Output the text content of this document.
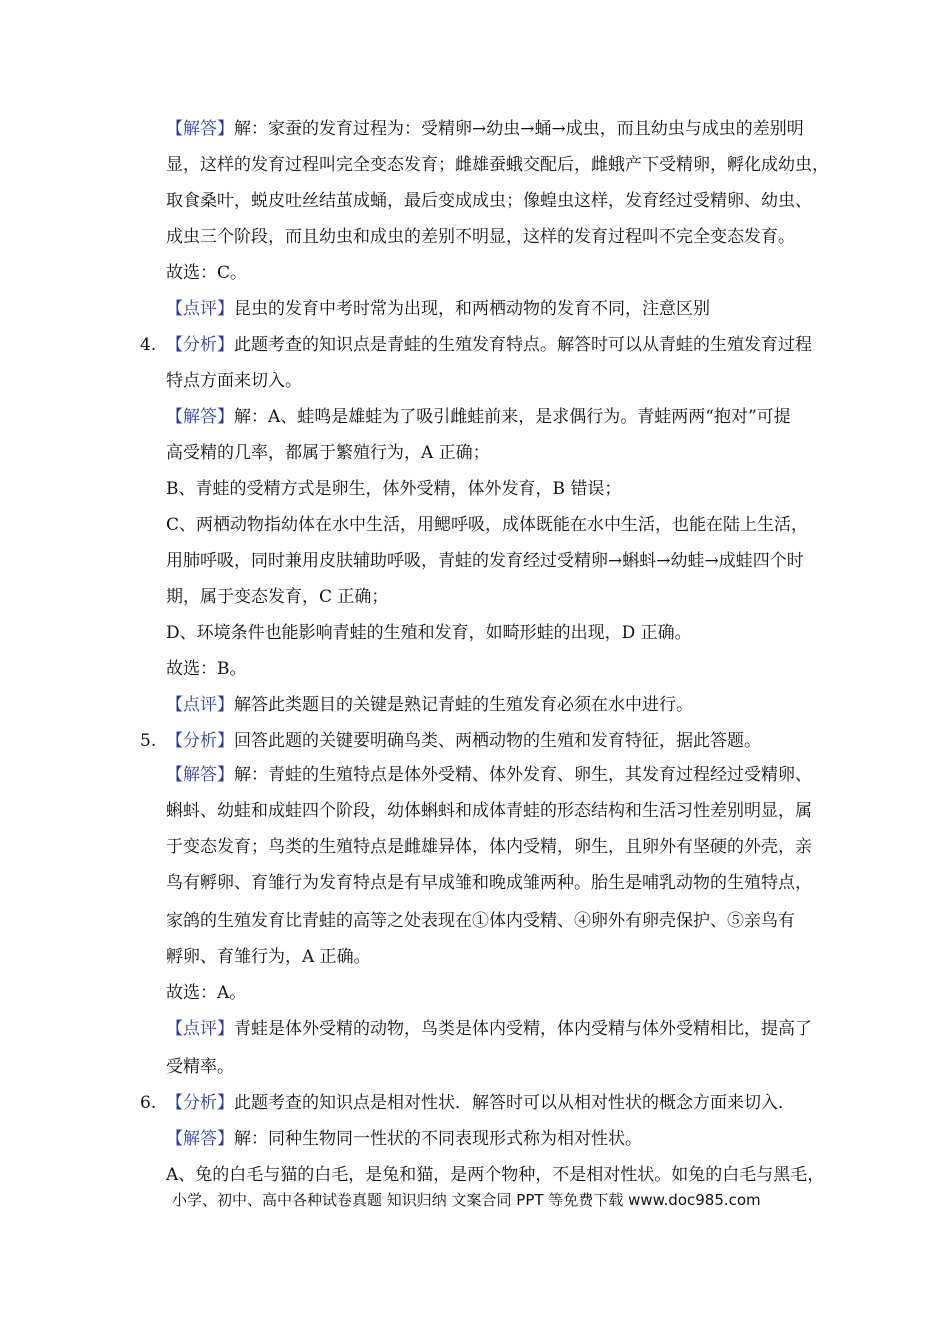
【解答】解：家蚕的发育过程为：受精卵→幼虫→蛹→成虫，而且幼虫与成虫的差别明
显，这样的发育过程叫完全变态发育；雌雄蚕蛾交配后，雌蛾产下受精卵，孵化成幼虫，
取食桑叶，蜕皮吐丝结茧成蛹，最后变成成虫；像蝗虫这样，发育经过受精卵、幼虫、
成虫三个阶段，而且幼虫和成虫的差别不明显，这样的发育过程叫不完全变态发育。
故选：C。
【点评】昆虫的发育中考时常为出现，和两栖动物的发育不同，注意区别
4. 【分析】此题考查的知识点是青蛙的生殖发育特点。解答时可以从青蛙的生殖发育过程
特点方面来切入。
【解答】解：A、蛙鸣是雄蛙为了吸引雌蛙前来，是求偶行为。青蛙两两“抱对”可提
高受精的几率，都属于繁殖行为，A 正确；
B、青蛙的受精方式是卵生，体外受精，体外发育，B 错误；
C、两栖动物指幼体在水中生活，用鳃呼吸，成体既能在水中生活，也能在陆上生活，
用肺呼吸，同时兼用皮肤辅助呼吸，青蛙的发育经过受精卵→蝌蚪→幼蛙→成蛙四个时
期，属于变态发育，C 正确；
D、环境条件也能影响青蛙的生殖和发育，如畸形蛙的出现，D 正确。
故选：B。
【点评】解答此类题目的关键是熟记青蛙的生殖发育必须在水中进行。
5. 【分析】回答此题的关键要明确鸟类、两栖动物的生殖和发育特征，据此答题。
【解答】解：青蛙的生殖特点是体外受精、体外发育、卵生，其发育过程经过受精卵、
蝌蚪、幼蛙和成蛙四个阶段，幼体蝌蚪和成体青蛙的形态结构和生活习性差别明显，属
于变态发育；鸟类的生殖特点是雌雄异体，体内受精，卵生，且卵外有坚硬的外壳，亲
鸟有孵卵、育雏行为发育特点是有早成雏和晚成雏两种。胎生是哺乳动物的生殖特点，
家鸽的生殖发育比青蛙的高等之处表现在①体内受精、④卵外有卵壳保护、⑤亲鸟有
孵卵、育雏行为，A 正确。
故选：A。
【点评】青蛙是体外受精的动物，鸟类是体内受精，体内受精与体外受精相比，提高了
受精率。
6. 【分析】此题考查的知识点是相对性状．解答时可以从相对性状的概念方面来切入．
【解答】解：同种生物同一性状的不同表现形式称为相对性状。
A、兔的白毛与猫的白毛，是兔和猫，是两个物种，不是相对性状。如兔的白毛与黑毛，
小学、初中、高中各种试卷真题 知识归纳 文案合同 PPT 等免费下载 www.doc985.com
